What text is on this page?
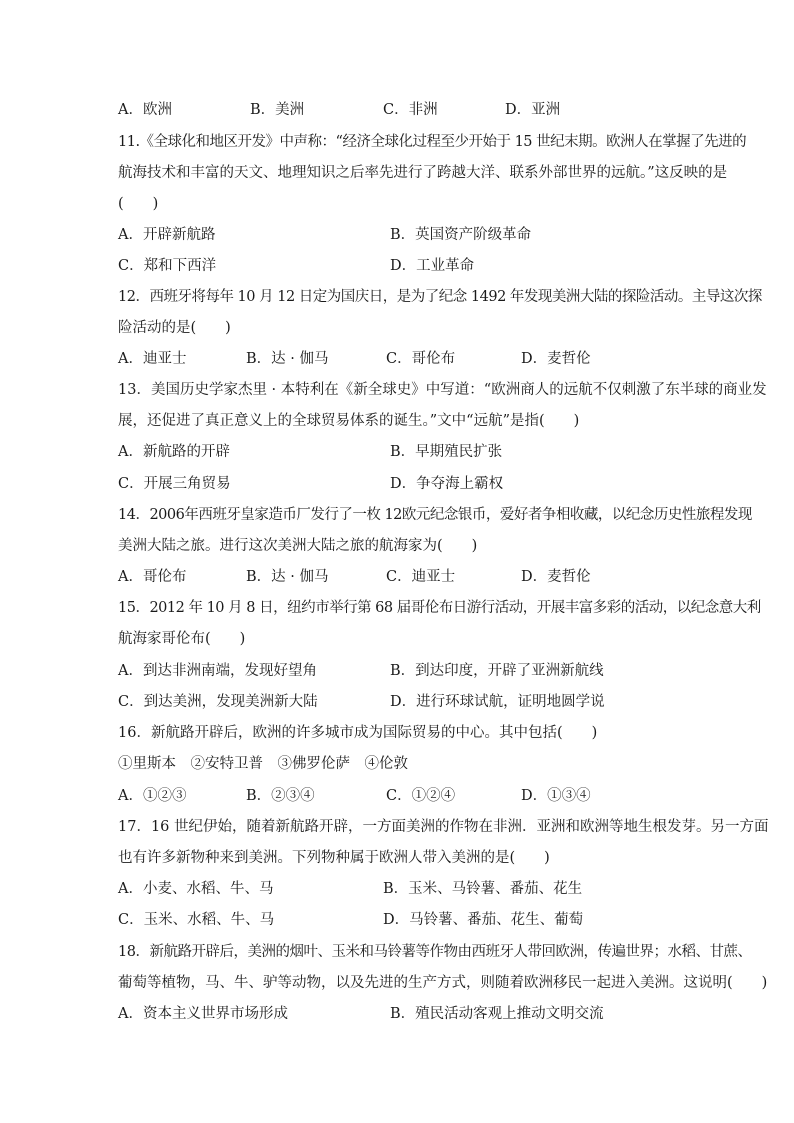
A．欧洲	B．美洲	C．非洲	D．亚洲
11.《全球化和地区开发》中声称：“经济全球化过程至少开始于 15 世纪末期。欧洲人在掌握了先进的
航海技术和丰富的天文、地理知识之后率先进行了跨越大洋、联系外部世界的远航。”这反映的是
(　　)
A．开辟新航路	B．英国资产阶级革命
C．郑和下西洋	D．工业革命
12．西班牙将每年 10 月 12 日定为国庆日，是为了纪念 1492 年发现美洲大陆的探险活动。主导这次探
险活动的是(　　)
A．迪亚士	B．达 · 伽马	C．哥伦布	D．麦哲伦
13．美国历史学家杰里 · 本特利在《新全球史》中写道：“欧洲商人的远航不仅刺激了东半球的商业发
展，还促进了真正意义上的全球贸易体系的诞生。”文中“远航”是指(　　)
A．新航路的开辟	B．早期殖民扩张
C．开展三角贸易	D．争夺海上霸权
14．2006年西班牙皇家造币厂发行了一枚 12欧元纪念银币，爱好者争相收藏，以纪念历史性旅程发现
美洲大陆之旅。进行这次美洲大陆之旅的航海家为(　　)
A．哥伦布	B．达 · 伽马	C．迪亚士	D．麦哲伦
15．2012 年 10 月 8 日，纽约市举行第 68 届哥伦布日游行活动，开展丰富多彩的活动，以纪念意大利
航海家哥伦布(　　)
A．到达非洲南端，发现好望角	B．到达印度，开辟了亚洲新航线
C．到达美洲，发现美洲新大陆	D．进行环球试航，证明地圆学说
16．新航路开辟后，欧洲的许多城市成为国际贸易的中心。其中包括(　　)
①里斯本　②安特卫普　③佛罗伦萨　④伦敦
A．①②③	B．②③④	C．①②④	D．①③④
17．16 世纪伊始，随着新航路开辟，一方面美洲的作物在非洲．亚洲和欧洲等地生根发芽。另一方面
也有许多新物种来到美洲。下列物种属于欧洲人带入美洲的是(　　)
A．小麦、水稻、牛、马	B．玉米、马铃薯、番茄、花生
C．玉米、水稻、牛、马	D．马铃薯、番茄、花生、葡萄
18．新航路开辟后，美洲的烟叶、玉米和马铃薯等作物由西班牙人带回欧洲，传遍世界；水稻、甘蔗、
葡萄等植物，马、牛、驴等动物，以及先进的生产方式，则随着欧洲移民一起进入美洲。这说明(　　)
A．资本主义世界市场形成	B．殖民活动客观上推动文明交流
